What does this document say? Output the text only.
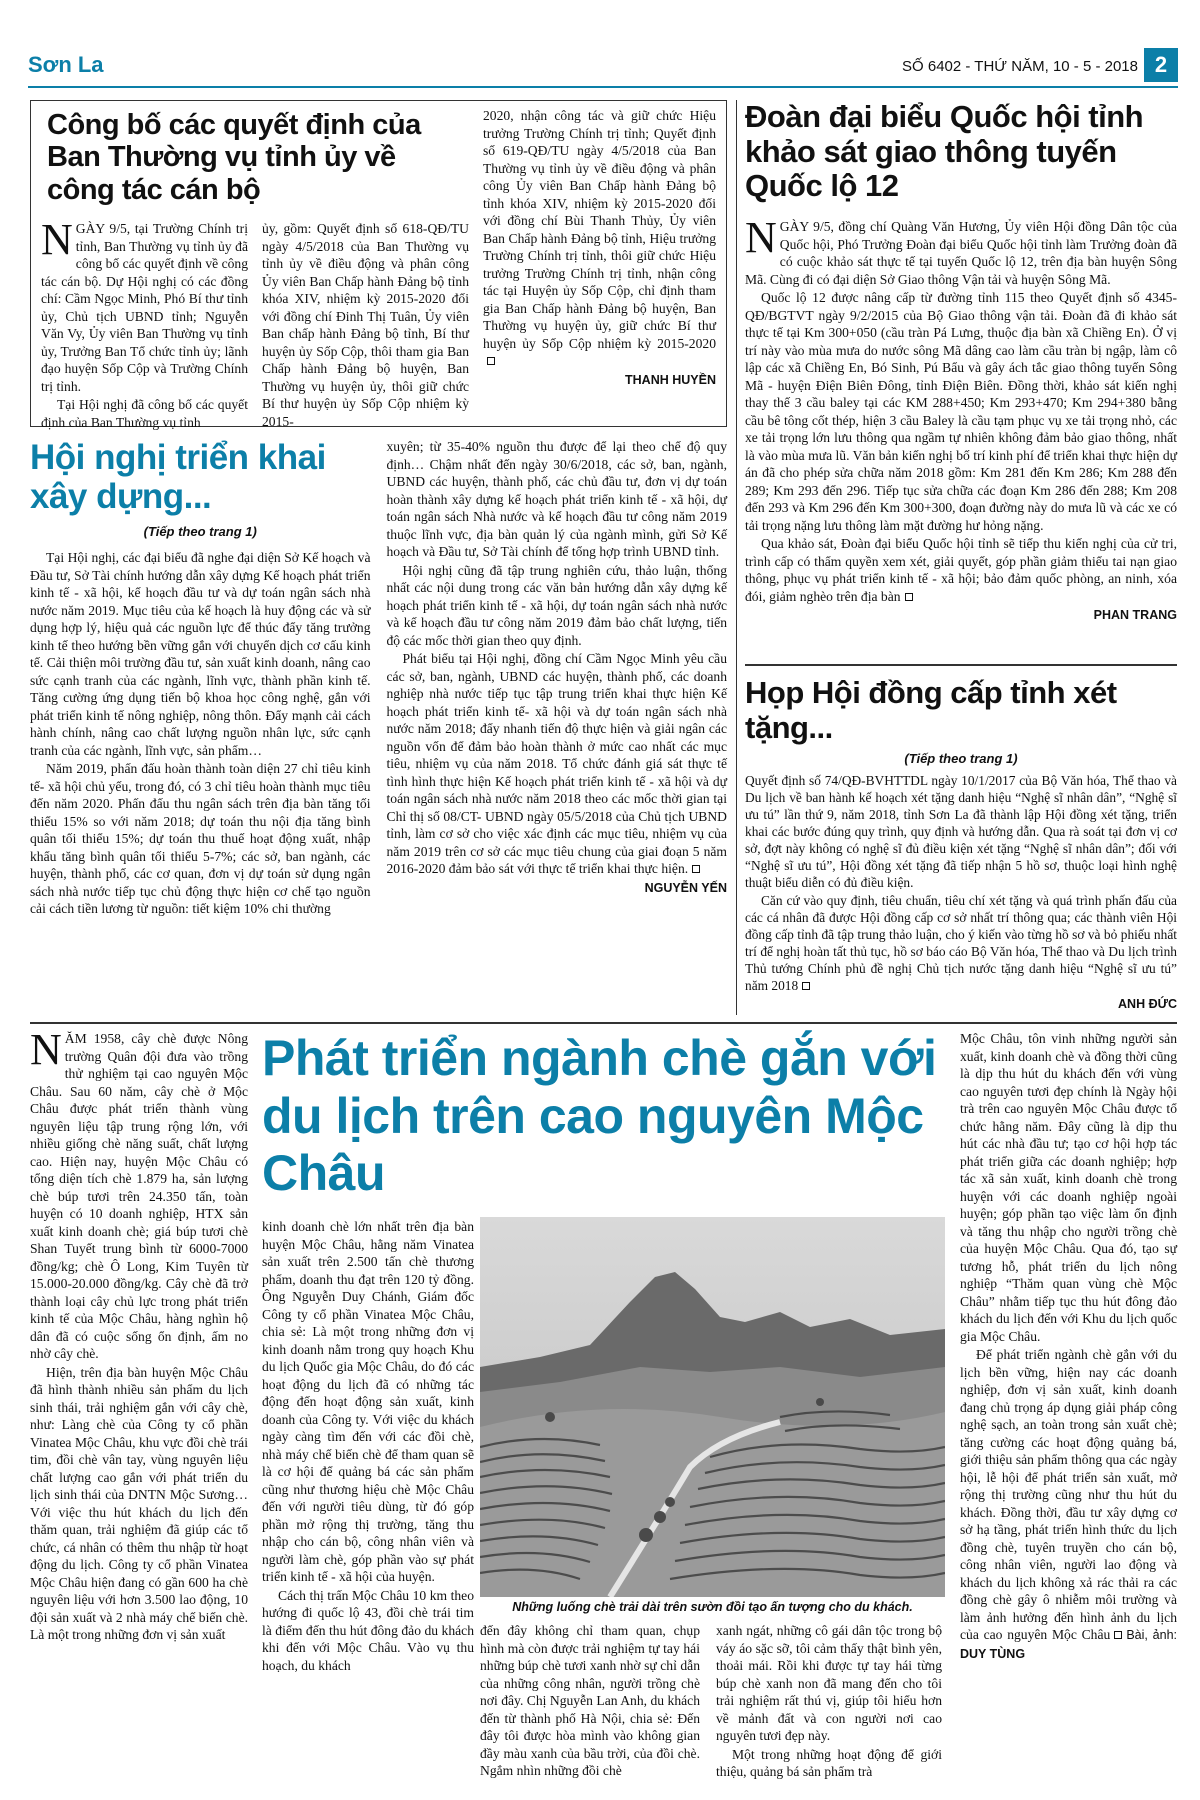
Sơn La	SỐ 6402 - THỨ NĂM, 10 - 5 - 2018 2
Công bố các quyết định của Ban Thường vụ tỉnh ủy về công tác cán bộ

NGÀY 9/5, tại Trường Chính trị tỉnh, Ban Thường vụ tỉnh ủy đã công bố các quyết định về công tác cán bộ. Dự Hội nghị có các đồng chí: Cầm Ngọc Minh, Phó Bí thư tỉnh ủy, Chủ tịch UBND tỉnh; Nguyễn Văn Vy, Ủy viên Ban Thường vụ tỉnh ủy, Trưởng Ban Tổ chức tỉnh ủy; lãnh đạo huyện Sốp Cộp và Trường Chính trị tỉnh.

Tại Hội nghị đã công bố các quyết định của Ban Thường vụ tỉnh

ủy, gồm: Quyết định số 618-QĐ/TU ngày 4/5/2018 của Ban Thường vụ tỉnh ủy về điều động và phân công Ủy viên Ban Chấp hành Đảng bộ tỉnh khóa XIV, nhiệm kỳ 2015-2020 đối với đồng chí Đinh Thị Tuân, Ủy viên Ban chấp hành Đảng bộ tỉnh, Bí thư huyện ủy Sốp Cộp, thôi tham gia Ban Chấp hành Đảng bộ huyện, Ban Thường vụ huyện ủy, thôi giữ chức Bí thư huyện ủy Sốp Cộp nhiệm kỳ 2015-

2020, nhận công tác và giữ chức Hiệu trưởng Trường Chính trị tỉnh; Quyết định số 619-QĐ/TU ngày 4/5/2018 của Ban Thường vụ tỉnh ủy về điều động và phân công Ủy viên Ban Chấp hành Đảng bộ tỉnh khóa XIV, nhiệm kỳ 2015-2020 đối với đồng chí Bùi Thanh Thủy, Ủy viên Ban Chấp hành Đảng bộ tỉnh, Hiệu trưởng Trường Chính trị tỉnh, thôi giữ chức Hiệu trưởng Trường Chính trị tỉnh, nhận công tác tại Huyện ủy Sốp Cộp, chỉ định tham gia Ban Chấp hành Đảng bộ huyện, Ban Thường vụ huyện ủy, giữ chức Bí thư huyện ủy Sốp Cộp nhiệm kỳ 2015-2020

THANH HUYỀN
Đoàn đại biểu Quốc hội tỉnh khảo sát giao thông tuyến Quốc lộ 12

NGÀY 9/5, đồng chí Quàng Văn Hương, Ủy viên Hội đồng Dân tộc của Quốc hội, Phó Trưởng Đoàn đại biểu Quốc hội tỉnh làm Trưởng đoàn đã có cuộc khảo sát thực tế tại tuyến Quốc lộ 12, trên địa bàn huyện Sông Mã. Cùng đi có đại diện Sở Giao thông Vận tải và huyện Sông Mã.

Quốc lộ 12 được nâng cấp từ đường tỉnh 115 theo Quyết định số 4345-QĐ/BGTVT ngày 9/2/2015 của Bộ Giao thông vận tải. Đoàn đã đi khảo sát thực tế tại Km 300+050 (cầu tràn Pá Lưng, thuộc địa bàn xã Chiềng En). Ở vị trí này vào mùa mưa do nước sông Mã dâng cao làm cầu tràn bị ngập, làm cô lập các xã Chiềng En, Bó Sinh, Pú Bẩu và gây ách tắc giao thông tuyến Sông Mã - huyện Điện Biên Đông, tỉnh Điện Biên. Đồng thời, khảo sát kiến nghị thay thế 3 cầu baley tại các KM 288+450; Km 293+470; Km 294+380 bằng cầu bê tông cốt thép, hiện 3 cầu Baley là cầu tạm phục vụ xe tải trọng nhỏ, các xe tải trọng lớn lưu thông qua ngầm tự nhiên không đảm bảo giao thông, nhất là vào mùa mưa lũ. Văn bản kiến nghị bố trí kinh phí để triển khai thực hiện dự án đã cho phép sửa chữa năm 2018 gồm: Km 281 đến Km 286; Km 288 đến 289; Km 293 đến 296. Tiếp tục sửa chữa các đoạn Km 286 đến 288; Km 208 đến 293 và Km 296 đến Km 300+300, đoạn đường này do mưa lũ và các xe có tải trọng nặng lưu thông làm mặt đường hư hỏng nặng.

Qua khảo sát, Đoàn đại biểu Quốc hội tỉnh sẽ tiếp thu kiến nghị của cử tri, trình cấp có thẩm quyền xem xét, giải quyết, góp phần giảm thiểu tai nạn giao thông, phục vụ phát triển kinh tế - xã hội; bảo đảm quốc phòng, an ninh, xóa đói, giảm nghèo trên địa bàn

PHAN TRANG
Hội nghị triển khai xây dựng...
(Tiếp theo trang 1)

Tại Hội nghị, các đại biểu đã nghe đại diện Sở Kế hoạch và Đầu tư, Sở Tài chính hướng dẫn xây dựng Kế hoạch phát triển kinh tế - xã hội, kế hoạch đầu tư và dự toán ngân sách nhà nước năm 2019. Mục tiêu của kế hoạch là huy động các và sử dụng hợp lý, hiệu quả các nguồn lực để thúc đẩy tăng trưởng kinh tế theo hướng bền vững gắn với chuyển dịch cơ cấu kinh tế. Cải thiện môi trường đầu tư, sản xuất kinh doanh, nâng cao sức cạnh tranh của các ngành, lĩnh vực, thành phần kinh tế. Tăng cường ứng dụng tiến bộ khoa học công nghệ, gắn với phát triển kinh tế nông nghiệp, nông thôn. Đẩy mạnh cải cách hành chính, nâng cao chất lượng nguồn nhân lực, sức cạnh tranh của các ngành, lĩnh vực, sản phẩm…

Năm 2019, phấn đấu hoàn thành toàn diện 27 chỉ tiêu kinh tế- xã hội chủ yếu, trong đó, có 3 chỉ tiêu hoàn thành mục tiêu đến năm 2020. Phấn đấu thu ngân sách trên địa bàn tăng tối thiểu 15% so với năm 2018; dự toán thu nội địa tăng bình quân tối thiểu 15%; dự toán thu thuế hoạt động xuất, nhập khẩu tăng bình quân tối thiểu 5-7%; các sở, ban ngành, các huyện, thành phố, các cơ quan, đơn vị dự toán sử dụng ngân sách nhà nước tiếp tục chủ động thực hiện cơ chế tạo nguồn cải cách tiền lương từ nguồn: tiết kiệm 10% chi thường

xuyên; từ 35-40% nguồn thu được để lại theo chế độ quy định… Chậm nhất đến ngày 30/6/2018, các sở, ban, ngành, UBND các huyện, thành phố, các chủ đầu tư, đơn vị dự toán hoàn thành xây dựng kế hoạch phát triển kinh tế - xã hội, dự toán ngân sách Nhà nước và kế hoạch đầu tư công năm 2019 thuộc lĩnh vực, địa bàn quản lý của ngành mình, gửi Sở Kế hoạch và Đầu tư, Sở Tài chính để tổng hợp trình UBND tỉnh.

Hội nghị cũng đã tập trung nghiên cứu, thảo luận, thống nhất các nội dung trong các văn bản hướng dẫn xây dựng kế hoạch phát triển kinh tế - xã hội, dự toán ngân sách nhà nước và kế hoạch đầu tư công năm 2019 đảm bảo chất lượng, tiến độ các mốc thời gian theo quy định.

Phát biểu tại Hội nghị, đồng chí Cầm Ngọc Minh yêu cầu các sở, ban, ngành, UBND các huyện, thành phố, các doanh nghiệp nhà nước tiếp tục tập trung triển khai thực hiện Kế hoạch phát triển kinh tế- xã hội và dự toán ngân sách nhà nước năm 2018; đẩy nhanh tiến độ thực hiện và giải ngân các nguồn vốn để đảm bảo hoàn thành ở mức cao nhất các mục tiêu, nhiệm vụ của năm 2018. Tổ chức đánh giá sát thực tế tình hình thực hiện Kế hoạch phát triển kinh tế - xã hội và dự toán ngân sách nhà nước năm 2018 theo các mốc thời gian tại Chỉ thị số 08/CT- UBND ngày 05/5/2018 của Chủ tịch UBND tỉnh, làm cơ sở cho việc xác định các mục tiêu, nhiệm vụ của năm 2019 trên cơ sở các mục tiêu chung của giai đoạn 5 năm 2016-2020 đảm bảo sát với thực tế triển khai thực hiện.

NGUYỄN YẾN
Họp Hội đồng cấp tỉnh xét tặng...
(Tiếp theo trang 1)

Quyết định số 74/QĐ-BVHTTDL ngày 10/1/2017 của Bộ Văn hóa, Thể thao và Du lịch về ban hành kế hoạch xét tặng danh hiệu “Nghệ sĩ nhân dân”, “Nghệ sĩ ưu tú” lần thứ 9, năm 2018, tỉnh Sơn La đã thành lập Hội đồng xét tặng, triển khai các bước đúng quy trình, quy định và hướng dẫn. Qua rà soát tại đơn vị cơ sở, đợt này không có nghệ sĩ đủ điều kiện xét tặng “Nghệ sĩ nhân dân”; đối với “Nghệ sĩ ưu tú”, Hội đồng xét tặng đã tiếp nhận 5 hồ sơ, thuộc loại hình nghệ thuật biểu diễn có đủ điều kiện.

Căn cứ vào quy định, tiêu chuẩn, tiêu chí xét tặng và quá trình phấn đấu của các cá nhân đã được Hội đồng cấp cơ sở nhất trí thông qua; các thành viên Hội đồng cấp tỉnh đã tập trung thảo luận, cho ý kiến vào từng hồ sơ và bỏ phiếu nhất trí để nghị hoàn tất thủ tục, hồ sơ báo cáo Bộ Văn hóa, Thể thao và Du lịch trình Thủ tướng Chính phủ đề nghị Chủ tịch nước tặng danh hiệu “Nghệ sĩ ưu tú” năm 2018

ANH ĐỨC

NĂM 1958, cây chè được Nông trường Quân đội đưa vào trồng thử nghiệm tại cao nguyên Mộc Châu. Sau 60 năm, cây chè ở Mộc Châu được phát triển thành vùng nguyên liệu tập trung rộng lớn, với nhiều giống chè năng suất, chất lượng cao. Hiện nay, huyện Mộc Châu có tổng diện tích chè 1.879 ha, sản lượng chè búp tươi trên 24.350 tấn, toàn huyện có 10 doanh nghiệp, HTX sản xuất kinh doanh chè; giá búp tươi chè Shan Tuyết trung bình từ 6000-7000 đồng/kg; chè Ô Long, Kim Tuyên từ 15.000-20.000 đồng/kg. Cây chè đã trở thành loại cây chủ lực trong phát triển kinh tế của Mộc Châu, hàng nghìn hộ dân đã có cuộc sống ổn định, ấm no nhờ cây chè.

Hiện, trên địa bàn huyện Mộc Châu đã hình thành nhiều sản phẩm du lịch sinh thái, trải nghiệm gắn với cây chè, như: Làng chè của Công ty cổ phần Vinatea Mộc Châu, khu vực đồi chè trái tim, đồi chè vân tay, vùng nguyên liệu chất lượng cao gắn với phát triển du lịch sinh thái của DNTN Mộc Sương… Với việc thu hút khách du lịch đến thăm quan, trải nghiệm đã giúp các tổ chức, cá nhân có thêm thu nhập từ hoạt động du lịch. Công ty cổ phần Vinatea Mộc Châu hiện đang có gần 600 ha chè nguyên liệu với hơn 3.500 lao động, 10 đội sản xuất và 2 nhà máy chế biến chè. Là một trong những đơn vị sản xuất

Phát triển ngành chè gắn với du lịch trên cao nguyên Mộc Châu

kinh doanh chè lớn nhất trên địa bàn huyện Mộc Châu, hằng năm Vinatea sản xuất trên 2.500 tấn chè thương phẩm, doanh thu đạt trên 120 tỷ đồng. Ông Nguyễn Duy Chánh, Giám đốc Công ty cổ phần Vinatea Mộc Châu, chia sẻ: Là một trong những đơn vị kinh doanh nằm trong quy hoạch Khu du lịch Quốc gia Mộc Châu, do đó các hoạt động du lịch đã có những tác động đến hoạt động sản xuất, kinh doanh của Công ty. Với việc du khách ngày càng tìm đến với các đồi chè, nhà máy chế biến chè để tham quan sẽ là cơ hội để quảng bá các sản phẩm cũng như thương hiệu chè Mộc Châu đến với người tiêu dùng, từ đó góp phần mở rộng thị trường, tăng thu nhập cho cán bộ, công nhân viên và người làm chè, góp phần vào sự phát triển kinh tế - xã hội của huyện.

Cách thị trấn Mộc Châu 10 km theo hướng đi quốc lộ 43, đồi chè trái tim là điểm đến thu hút đông đảo du khách khi đến với Mộc Châu. Vào vụ thu hoạch, du khách

đến đây không chỉ tham quan, chụp hình mà còn được trải nghiệm tự tay hái những búp chè tươi xanh nhờ sự chỉ dẫn của những công nhân, người trồng chè nơi đây. Chị Nguyễn Lan Anh, du khách đến từ thành phố Hà Nội, chia sẻ: Đến đây tôi được hòa mình vào không gian đầy màu xanh của bầu trời, của đồi chè. Ngắm nhìn những đồi chè

xanh ngát, những cô gái dân tộc trong bộ váy áo sặc sỡ, tôi cảm thấy thật bình yên, thoải mái. Rồi khi được tự tay hái từng búp chè xanh non đã mang đến cho tôi trải nghiệm rất thú vị, giúp tôi hiểu hơn về mảnh đất và con người nơi cao nguyên tươi đẹp này.

Một trong những hoạt động để giới thiệu, quảng bá sản phẩm trà

Mộc Châu, tôn vinh những người sản xuất, kinh doanh chè và đồng thời cũng là dịp thu hút du khách đến với vùng cao nguyên tươi đẹp chính là Ngày hội trà trên cao nguyên Mộc Châu được tổ chức hằng năm. Đây cũng là dịp thu hút các nhà đầu tư; tạo cơ hội hợp tác phát triển giữa các doanh nghiệp; hợp tác xã sản xuất, kinh doanh chè trong huyện với các doanh nghiệp ngoài huyện; góp phần tạo việc làm ổn định và tăng thu nhập cho người trồng chè của huyện Mộc Châu. Qua đó, tạo sự tương hỗ, phát triển du lịch nông nghiệp “Thăm quan vùng chè Mộc Châu” nhằm tiếp tục thu hút đông đảo khách du lịch đến với Khu du lịch quốc gia Mộc Châu.

Để phát triển ngành chè gắn với du lịch bền vững, hiện nay các doanh nghiệp, đơn vị sản xuất, kinh doanh đang chủ trọng áp dụng giải pháp công nghệ sạch, an toàn trong sản xuất chè; tăng cường các hoạt động quảng bá, giới thiệu sản phẩm thông qua các ngày hội, lễ hội để phát triển sản xuất, mở rộng thị trường cũng như thu hút du khách. Đồng thời, đầu tư xây dựng cơ sở hạ tầng, phát triển hình thức du lịch đồng chè, tuyên truyền cho cán bộ, công nhân viên, người lao động và khách du lịch không xả rác thải ra các đồng chè gây ô nhiễm môi trường và làm ảnh hưởng đến hình ảnh du lịch của cao nguyên Mộc Châu Bài, ảnh: DUY TÙNG

Những luống chè trải dài trên sườn đồi tạo ấn tượng cho du khách.
